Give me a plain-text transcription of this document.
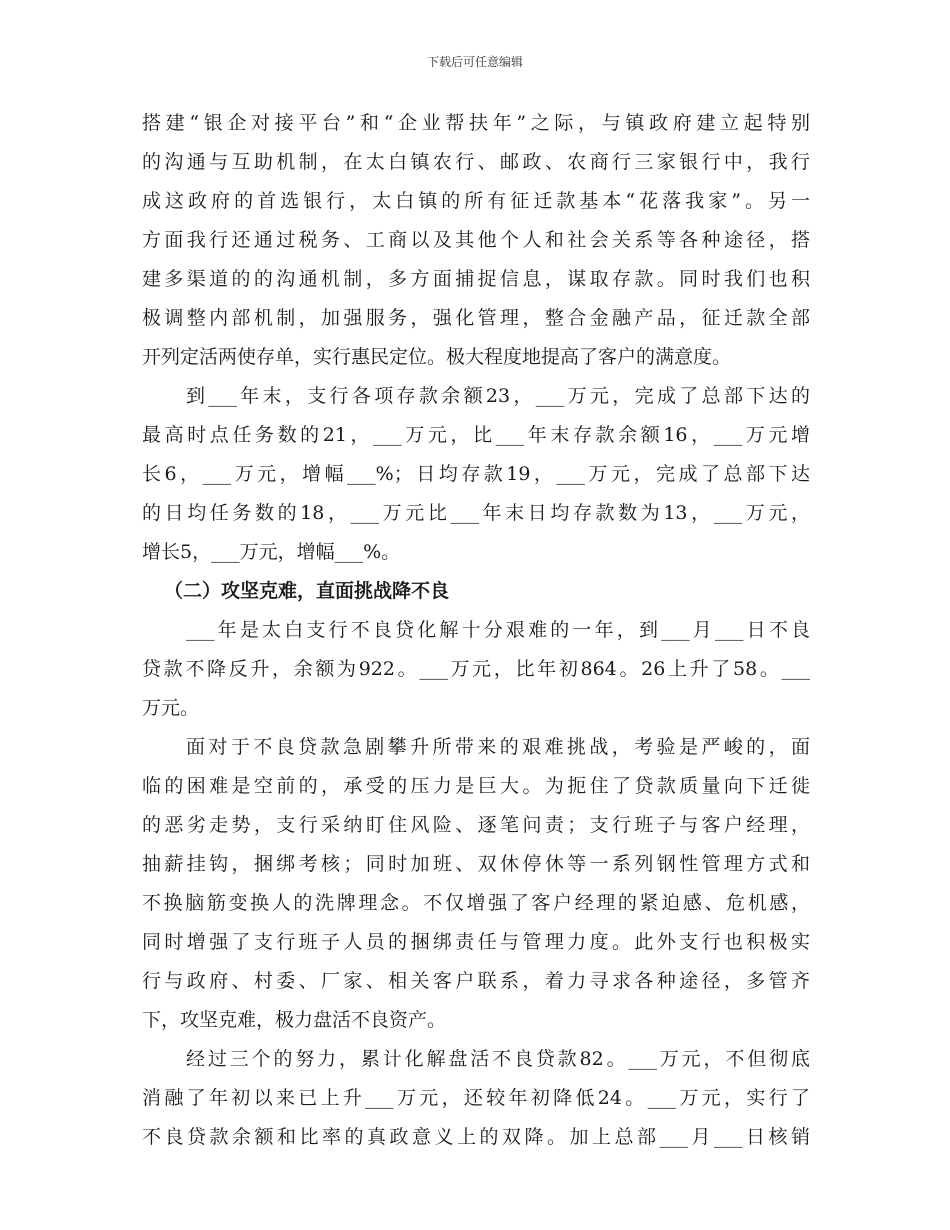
下载后可任意编辑
搭建“银企对接平台”和“企业帮扶年”之际，与镇政府建立起特别
的沟通与互助机制，在太白镇农行、邮政、农商行三家银行中，我行
成这政府的首选银行，太白镇的所有征迁款基本“花落我家”。另一
方面我行还通过税务、工商以及其他个人和社会关系等各种途径，搭
建多渠道的的沟通机制，多方面捕捉信息，谋取存款。同时我们也积
极调整内部机制，加强服务，强化管理，整合金融产品，征迁款全部
开列定活两使存单，实行惠民定位。极大程度地提高了客户的满意度。
到___年末，支行各项存款余额23，___万元，完成了总部下达的
最高时点任务数的21，___万元，比___年末存款余额16，___万元增
长6，___万元，增幅___%；日均存款19，___万元，完成了总部下达
的日均任务数的18，___万元比___年末日均存款数为13，___万元，
增长5，___万元，增幅___%。
（二）攻坚克难，直面挑战降不良
___年是太白支行不良贷化解十分艰难的一年，到___月___日不良
贷款不降反升，余额为922。___万元，比年初864。26上升了58。___
万元。
面对于不良贷款急剧攀升所带来的艰难挑战，考验是严峻的，面
临的困难是空前的，承受的压力是巨大。为扼住了贷款质量向下迁徙
的恶劣走势，支行采纳盯住风险、逐笔问责；支行班子与客户经理，
抽薪挂钩，捆绑考核；同时加班、双休停休等一系列钢性管理方式和
不换脑筋变换人的洗牌理念。不仅增强了客户经理的紧迫感、危机感，
同时增强了支行班子人员的捆绑责任与管理力度。此外支行也积极实
行与政府、村委、厂家、相关客户联系，着力寻求各种途径，多管齐
下，攻坚克难，极力盘活不良资产。
经过三个的努力，累计化解盘活不良贷款82。___万元，不但彻底
消融了年初以来已上升___万元，还较年初降低24。___万元，实行了
不良贷款余额和比率的真政意义上的双降。加上总部___月___日核销
